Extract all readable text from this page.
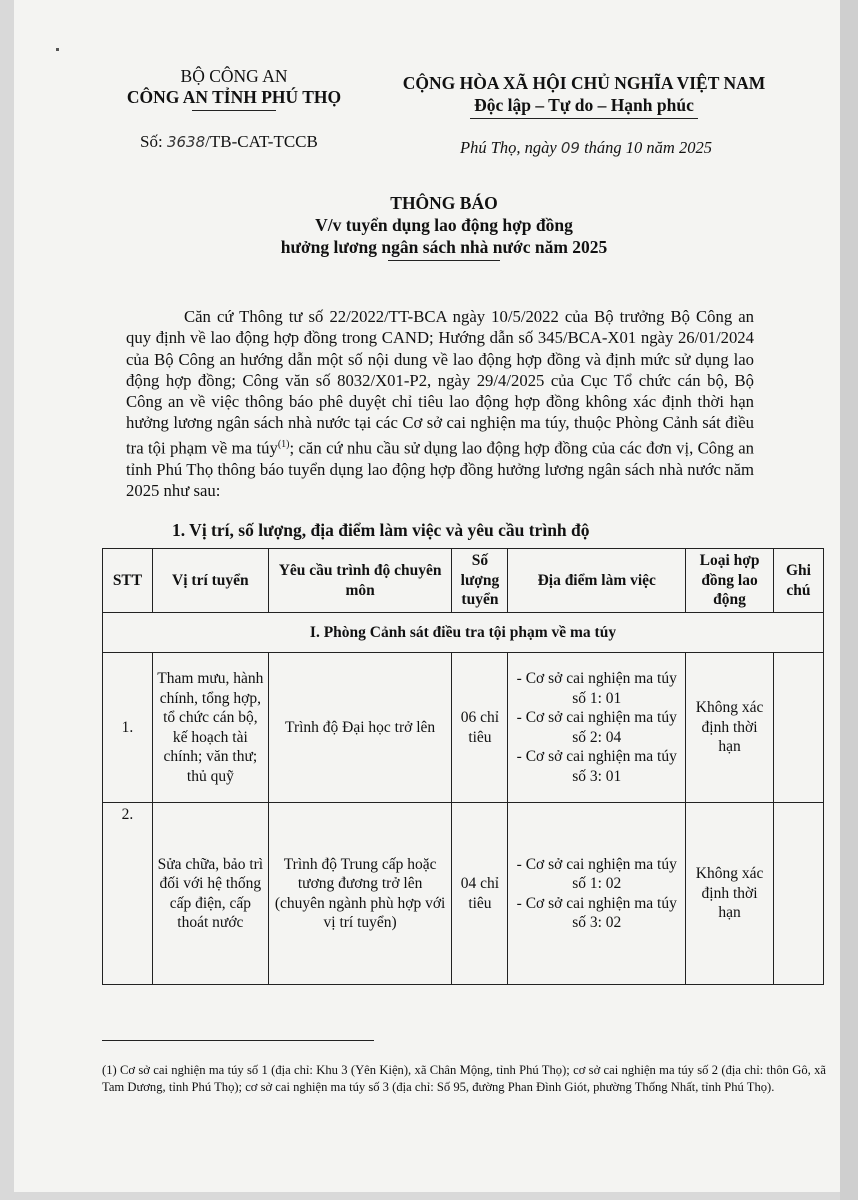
BỘ CÔNG AN
CÔNG AN TỈNH PHÚ THỌ
CỘNG HÒA XÃ HỘI CHỦ NGHĨA VIỆT NAM
Độc lập – Tự do – Hạnh phúc
Số: 3638/TB-CAT-TCCB	Phú Thọ, ngày 09 tháng 10 năm 2025
THÔNG BÁO
V/v tuyển dụng lao động hợp đồng
hưởng lương ngân sách nhà nước năm 2025
Căn cứ Thông tư số 22/2022/TT-BCA ngày 10/5/2022 của Bộ trưởng Bộ Công an quy định về lao động hợp đồng trong CAND; Hướng dẫn số 345/BCA-X01 ngày 26/01/2024 của Bộ Công an hướng dẫn một số nội dung về lao động hợp đồng và định mức sử dụng lao động hợp đồng; Công văn số 8032/X01-P2, ngày 29/4/2025 của Cục Tổ chức cán bộ, Bộ Công an về việc thông báo phê duyệt chỉ tiêu lao động hợp đồng không xác định thời hạn hưởng lương ngân sách nhà nước tại các Cơ sở cai nghiện ma túy, thuộc Phòng Cảnh sát điều tra tội phạm về ma túy$^{(1)}$; căn cứ nhu cầu sử dụng lao động hợp đồng của các đơn vị, Công an tỉnh Phú Thọ thông báo tuyển dụng lao động hợp đồng hưởng lương ngân sách nhà nước năm 2025 như sau:
1. Vị trí, số lượng, địa điểm làm việc và yêu cầu trình độ
STT	Vị trí tuyển	Yêu cầu trình độ chuyên môn	Số lượng tuyển	Địa điểm làm việc	Loại hợp đồng lao động	Ghi chú
I. Phòng Cảnh sát điều tra tội phạm về ma túy						
1.	Tham mưu, hành chính, tổng hợp, tổ chức cán bộ, kế hoạch tài chính; văn thư; thủ quỹ	Trình độ Đại học trở lên	06 chỉ tiêu	- Cơ sở cai nghiện ma túy số 1: 01
- Cơ sở cai nghiện ma túy số 2: 04
- Cơ sở cai nghiện ma túy số 3: 01	Không xác định thời hạn	
2.	Sửa chữa, bảo trì đối với hệ thống cấp điện, cấp thoát nước	Trình độ Trung cấp hoặc tương đương trở lên (chuyên ngành phù hợp với vị trí tuyển)	04 chỉ tiêu	- Cơ sở cai nghiện ma túy số 1: 02
- Cơ sở cai nghiện ma túy số 3: 02	Không xác định thời hạn	
(1) Cơ sở cai nghiện ma túy số 1 (địa chỉ: Khu 3 (Yên Kiện), xã Chân Mộng, tỉnh Phú Thọ); cơ sở cai nghiện ma túy số 2 (địa chỉ: thôn Gô, xã Tam Dương, tỉnh Phú Thọ); cơ sở cai nghiện ma túy số 3 (địa chỉ: Số 95, đường Phan Đình Giót, phường Thống Nhất, tỉnh Phú Thọ).
